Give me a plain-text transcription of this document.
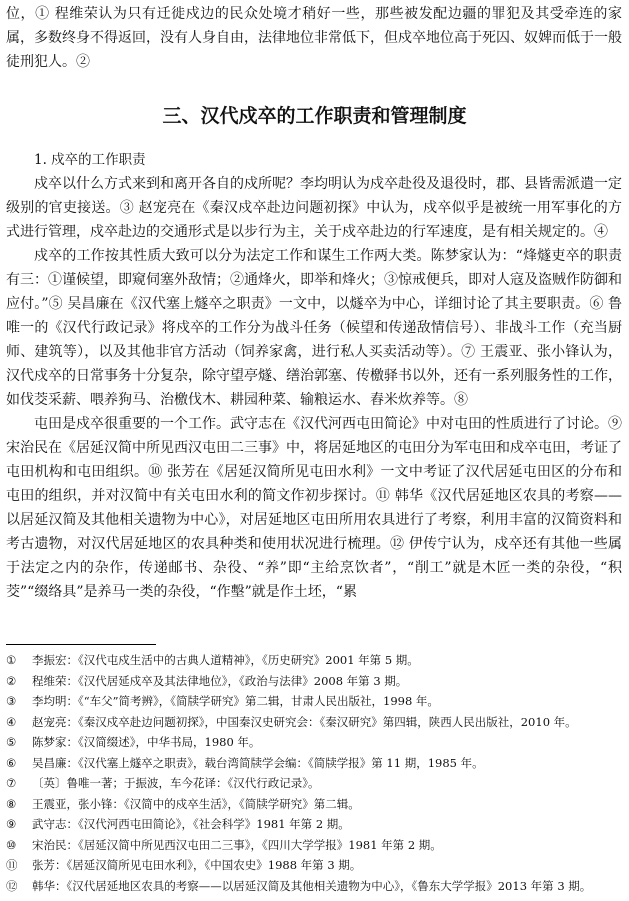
位，① 程维荣认为只有迁徙戍边的民众处境才稍好一些，那些被发配边疆的罪犯及其受牵连的家属，多数终身不得返回，没有人身自由，法律地位非常低下，但戍卒地位高于死囚、奴婢而低于一般徒刑犯人。②
三、汉代戍卒的工作职责和管理制度
1. 戍卒的工作职责

戍卒以什么方式来到和离开各自的戍所呢？李均明认为戍卒赴役及退役时，郡、县皆需派遣一定级别的官吏接送。③ 赵宠亮在《秦汉戍卒赴边问题初探》中认为，戍卒似乎是被统一用军事化的方式进行管理，戍卒赴边的交通形式是以步行为主，关于戍卒赴边的行军速度，是有相关规定的。④

戍卒的工作按其性质大致可以分为法定工作和谋生工作两大类。陈梦家认为：“烽燧吏卒的职责有三：①谨候望，即窥伺塞外敌情；②通烽火，即举和烽火；③惊戒便兵，即对人寇及盗贼作防御和应付。”⑤ 吴昌廉在《汉代塞上燧卒之职责》一文中，以燧卒为中心，详细讨论了其主要职责。⑥ 鲁唯一的《汉代行政记录》将戍卒的工作分为战斗任务（候望和传递敌情信号）、非战斗工作（充当厨师、建筑等），以及其他非官方活动（饲养家禽，进行私人买卖活动等）。⑦ 王震亚、张小锋认为，汉代戍卒的日常事务十分复杂，除守望亭燧、缮治郭塞、传檄驿书以外，还有一系列服务性的工作，如伐茭采薪、喂养狗马、治檄伐木、耕园种菜、输粮运水、舂米炊养等。⑧

屯田是戍卒很重要的一个工作。武守志在《汉代河西屯田简论》中对屯田的性质进行了讨论。⑨ 宋治民在《居延汉简中所见西汉屯田二三事》中，将居延地区的屯田分为军屯田和戍卒屯田，考证了屯田机构和屯田组织。⑩ 张芳在《居延汉简所见屯田水利》一文中考证了汉代居延屯田区的分布和屯田的组织，并对汉简中有关屯田水利的简文作初步探讨。⑪ 韩华《汉代居延地区农具的考察——以居延汉简及其他相关遗物为中心》，对居延地区屯田所用农具进行了考察，利用丰富的汉简资料和考古遗物，对汉代居延地区的农具种类和使用状况进行梳理。⑫ 伊传宁认为，戍卒还有其他一些属于法定之内的杂作，传递邮书、杂役、“养”即“主给烹饮者”，“削工”就是木匠一类的杂役，“积茭”“缀络具”是养马一类的杂役，“作墼”就是作土坯，“累

① 李振宏：《汉代屯戍生活中的古典人道精神》，《历史研究》2001 年第 5 期。
② 程维荣：《汉代居延戍卒及其法律地位》，《政治与法律》2008 年第 3 期。
③ 李均明：《“车父”简考辨》，《简牍学研究》第二辑，甘肃人民出版社，1998 年。
④ 赵宠亮：《秦汉戍卒赴边问题初探》，中国秦汉史研究会：《秦汉研究》第四辑，陕西人民出版社，2010 年。
⑤ 陈梦家：《汉简缀述》，中华书局，1980 年。
⑥ 吴昌廉：《汉代塞上燧卒之职责》，载台湾简牍学会编：《简牍学报》第 11 期，1985 年。
⑦ 〔英〕鲁唯一著；于振波，车今花译：《汉代行政记录》。
⑧ 王震亚，张小锋：《汉简中的戍卒生活》，《简牍学研究》第二辑。
⑨ 武守志：《汉代河西屯田简论》，《社会科学》1981 年第 2 期。
⑩ 宋治民：《居延汉简中所见西汉屯田二三事》，《四川大学学报》1981 年第 2 期。
⑪ 张芳：《居延汉简所见屯田水利》，《中国农史》1988 年第 3 期。
⑫ 韩华：《汉代居延地区农具的考察——以居延汉简及其他相关遗物为中心》，《鲁东大学学报》2013 年第 3 期。
